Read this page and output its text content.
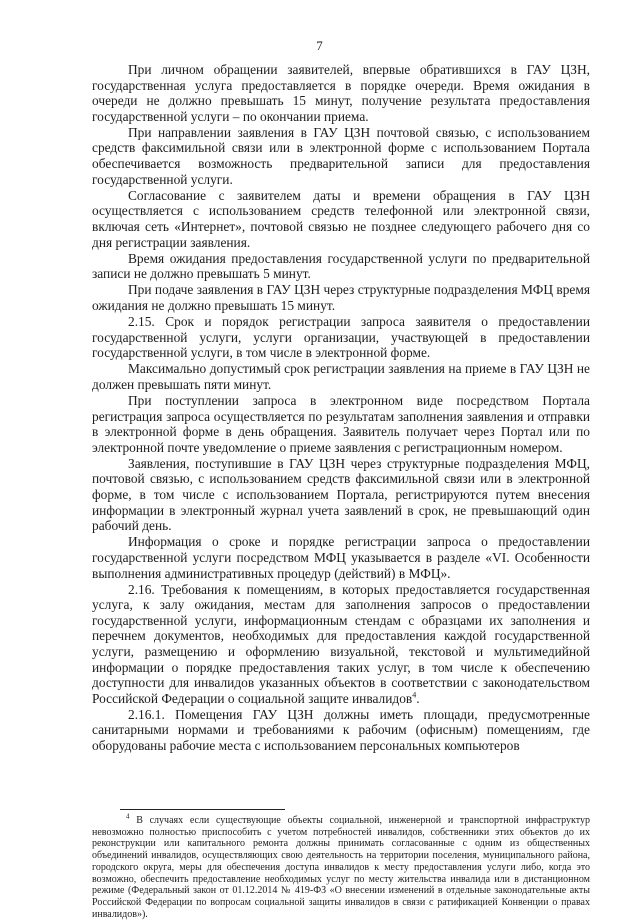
7

При личном обращении заявителей, впервые обратившихся в ГАУ ЦЗН, государственная услуга предоставляется в порядке очереди. Время ожидания в очереди не должно превышать 15 минут, получение результата предоставления государственной услуги – по окончании приема.

При направлении заявления в ГАУ ЦЗН почтовой связью, с использованием средств факсимильной связи или в электронной форме с использованием Портала обеспечивается возможность предварительной записи для предоставления государственной услуги.

Согласование с заявителем даты и времени обращения в ГАУ ЦЗН осуществляется с использованием средств телефонной или электронной связи, включая сеть «Интернет», почтовой связью не позднее следующего рабочего дня со дня регистрации заявления.

Время ожидания предоставления государственной услуги по предварительной записи не должно превышать 5 минут.

При подаче заявления в ГАУ ЦЗН через структурные подразделения МФЦ время ожидания не должно превышать 15 минут.

2.15. Срок и порядок регистрации запроса заявителя о предоставлении государственной услуги, услуги организации, участвующей в предоставлении государственной услуги, в том числе в электронной форме.

Максимально допустимый срок регистрации заявления на приеме в ГАУ ЦЗН не должен превышать пяти минут.

При поступлении запроса в электронном виде посредством Портала регистрация запроса осуществляется по результатам заполнения заявления и отправки в электронной форме в день обращения. Заявитель получает через Портал или по электронной почте уведомление о приеме заявления с регистрационным номером.

Заявления, поступившие в ГАУ ЦЗН через структурные подразделения МФЦ, почтовой связью, с использованием средств факсимильной связи или в электронной форме, в том числе с использованием Портала, регистрируются путем внесения информации в электронный журнал учета заявлений в срок, не превышающий один рабочий день.

Информация о сроке и порядке регистрации запроса о предоставлении государственной услуги посредством МФЦ указывается в разделе «VI. Особенности выполнения административных процедур (действий) в МФЦ».

2.16. Требования к помещениям, в которых предоставляется государственная услуга, к залу ожидания, местам для заполнения запросов о предоставлении государственной услуги, информационным стендам с образцами их заполнения и перечнем документов, необходимых для предоставления каждой государственной услуги, размещению и оформлению визуальной, текстовой и мультимедийной информации о порядке предоставления таких услуг, в том числе к обеспечению доступности для инвалидов указанных объектов в соответствии с законодательством Российской Федерации о социальной защите инвалидов$^4$.

2.16.1. Помещения ГАУ ЦЗН должны иметь площади, предусмотренные санитарными нормами и требованиями к рабочим (офисным) помещениям, где оборудованы рабочие места с использованием персональных компьютеров

$^4$ В случаях если существующие объекты социальной, инженерной и транспортной инфраструктур невозможно полностью приспособить с учетом потребностей инвалидов, собственники этих объектов до их реконструкции или капитального ремонта должны принимать согласованные с одним из общественных объединений инвалидов, осуществляющих свою деятельность на территории поселения, муниципального района, городского округа, меры для обеспечения доступа инвалидов к месту предоставления услуги либо, когда это возможно, обеспечить предоставление необходимых услуг по месту жительства инвалида или в дистанционном режиме (Федеральный закон от 01.12.2014 № 419-ФЗ «О внесении изменений в отдельные законодательные акты Российской Федерации по вопросам социальной защиты инвалидов в связи с ратификацией Конвенции о правах инвалидов»).
